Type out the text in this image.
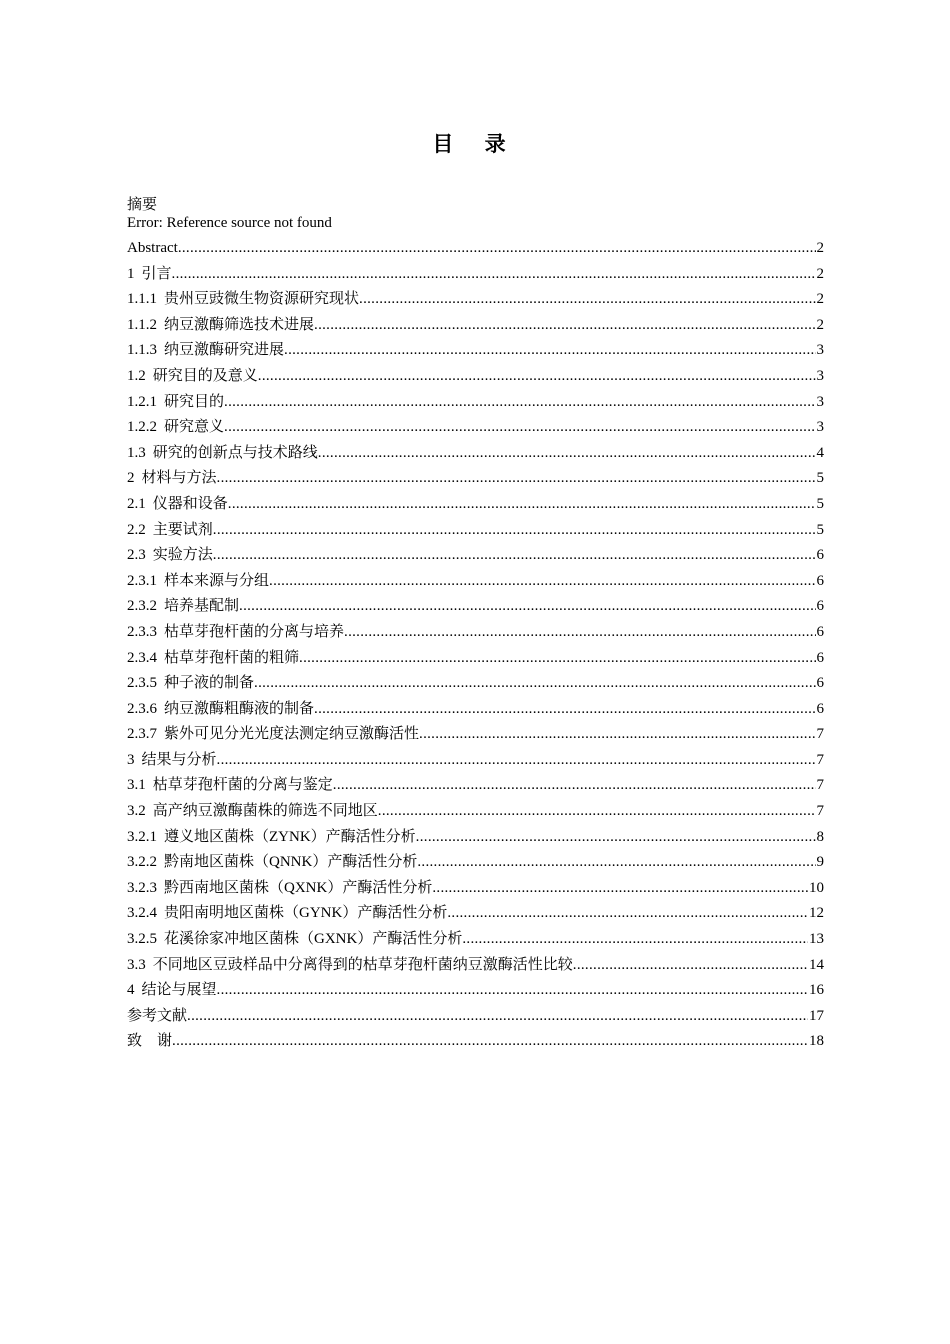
目 录
摘要
Error: Reference source not found
Abstract .....	2
1 引言 .....	2
1.1.1 贵州豆豉微生物资源研究现状 .....	2
1.1.2 纳豆激酶筛选技术进展 .....	2
1.1.3 纳豆激酶研究进展 .....	3
1.2 研究目的及意义 .....	3
1.2.1 研究目的 .....	3
1.2.2 研究意义 .....	3
1.3 研究的创新点与技术路线 .....	4
2 材料与方法 .....	5
2.1 仪器和设备 .....	5
2.2 主要试剂 .....	5
2.3 实验方法 .....	6
2.3.1 样本来源与分组 .....	6
2.3.2 培养基配制 .....	6
2.3.3 枯草芽孢杆菌的分离与培养 .....	6
2.3.4 枯草芽孢杆菌的粗筛 .....	6
2.3.5 种子液的制备 .....	6
2.3.6 纳豆激酶粗酶液的制备 .....	6
2.3.7 紫外可见分光光度法测定纳豆激酶活性 .....	7
3 结果与分析 .....	7
3.1 枯草芽孢杆菌的分离与鉴定 .....	7
3.2 高产纳豆激酶菌株的筛选不同地区 .....	7
3.2.1 遵义地区菌株（ZYNK）产酶活性分析 .....	8
3.2.2 黔南地区菌株（QNNK）产酶活性分析 .....	9
3.2.3 黔西南地区菌株（QXNK）产酶活性分析 .....	10
3.2.4 贵阳南明地区菌株（GYNK）产酶活性分析 .....	12
3.2.5 花溪徐家冲地区菌株（GXNK）产酶活性分析 .....	13
3.3 不同地区豆豉样品中分离得到的枯草芽孢杆菌纳豆激酶活性比较 .....	14
4 结论与展望 .....	16
参考文献 .....	17
致　谢 .....	18
